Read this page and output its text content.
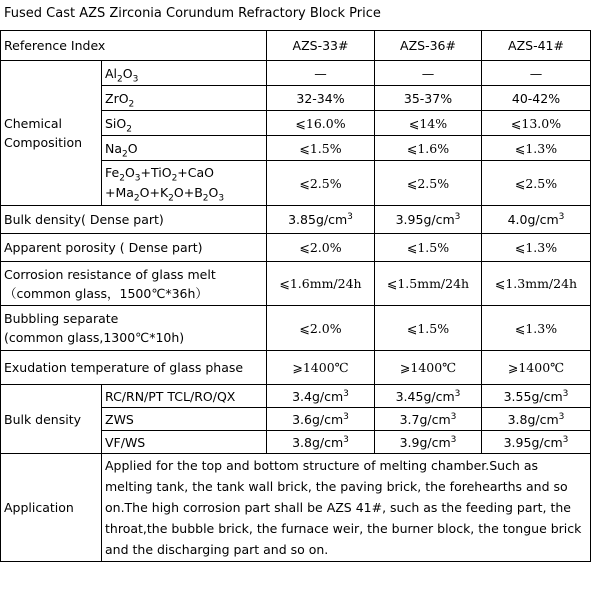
Fused Cast AZS Zirconia Corundum Refractory Block Price
Reference Index		AZS-33#	AZS-36#	AZS-41#

Chemical
Composition	$Al_2O_3$	—	—	—
	ZrO$_2$	32-34%	35-37%	40-42%
	SiO$_2$	⩽16.0%	⩽14%	⩽13.0%
	$Na_2O$	⩽1.5%	⩽1.6%	⩽1.3%

	$Fe_2O_3+TiO_2+CaO$
$+Ma_2O+K_2O+B_2O_3$	⩽2.5%	⩽2.5%	⩽2.5%
Bulk density( Dense part)		$3.85g/cm^3$	$3.95g/cm^3$	$4.0g/cm^3$
Apparent porosity ( Dense part)		⩽2.0%	⩽1.5%	⩽1.3%

Corrosion resistance of glass melt
（common glass，1500℃*36h）		⩽1.6mm/24h	⩽1.5mm/24h	⩽1.3mm/24h

Bubbling separate
(common glass,1300℃*10h)		⩽2.0%	⩽1.5%	⩽1.3%
Exudation temperature of glass phase		⩾1400℃	⩾1400℃	⩾1400℃
Bulk density	RC/RN/PT TCL/RO/QX	$3.4g/cm^3$	$3.45g/cm^3$	$3.55g/cm^3$
	ZWS	$3.6g/cm^3$	$3.7g/cm^3$	$3.8g/cm^3$
	VF/WS	$3.8g/cm^3$	$3.9g/cm^3$	$3.95g/cm^3$
Application	Applied for the top and bottom structure of melting chamber.Such as melting tank, the tank wall brick, the paving brick, the forehearths and so on.The high corrosion part shall be AZS 41#, such as the feeding part, the throat,the bubble brick, the furnace weir, the burner block, the tongue brick and the discharging part and so on.			
